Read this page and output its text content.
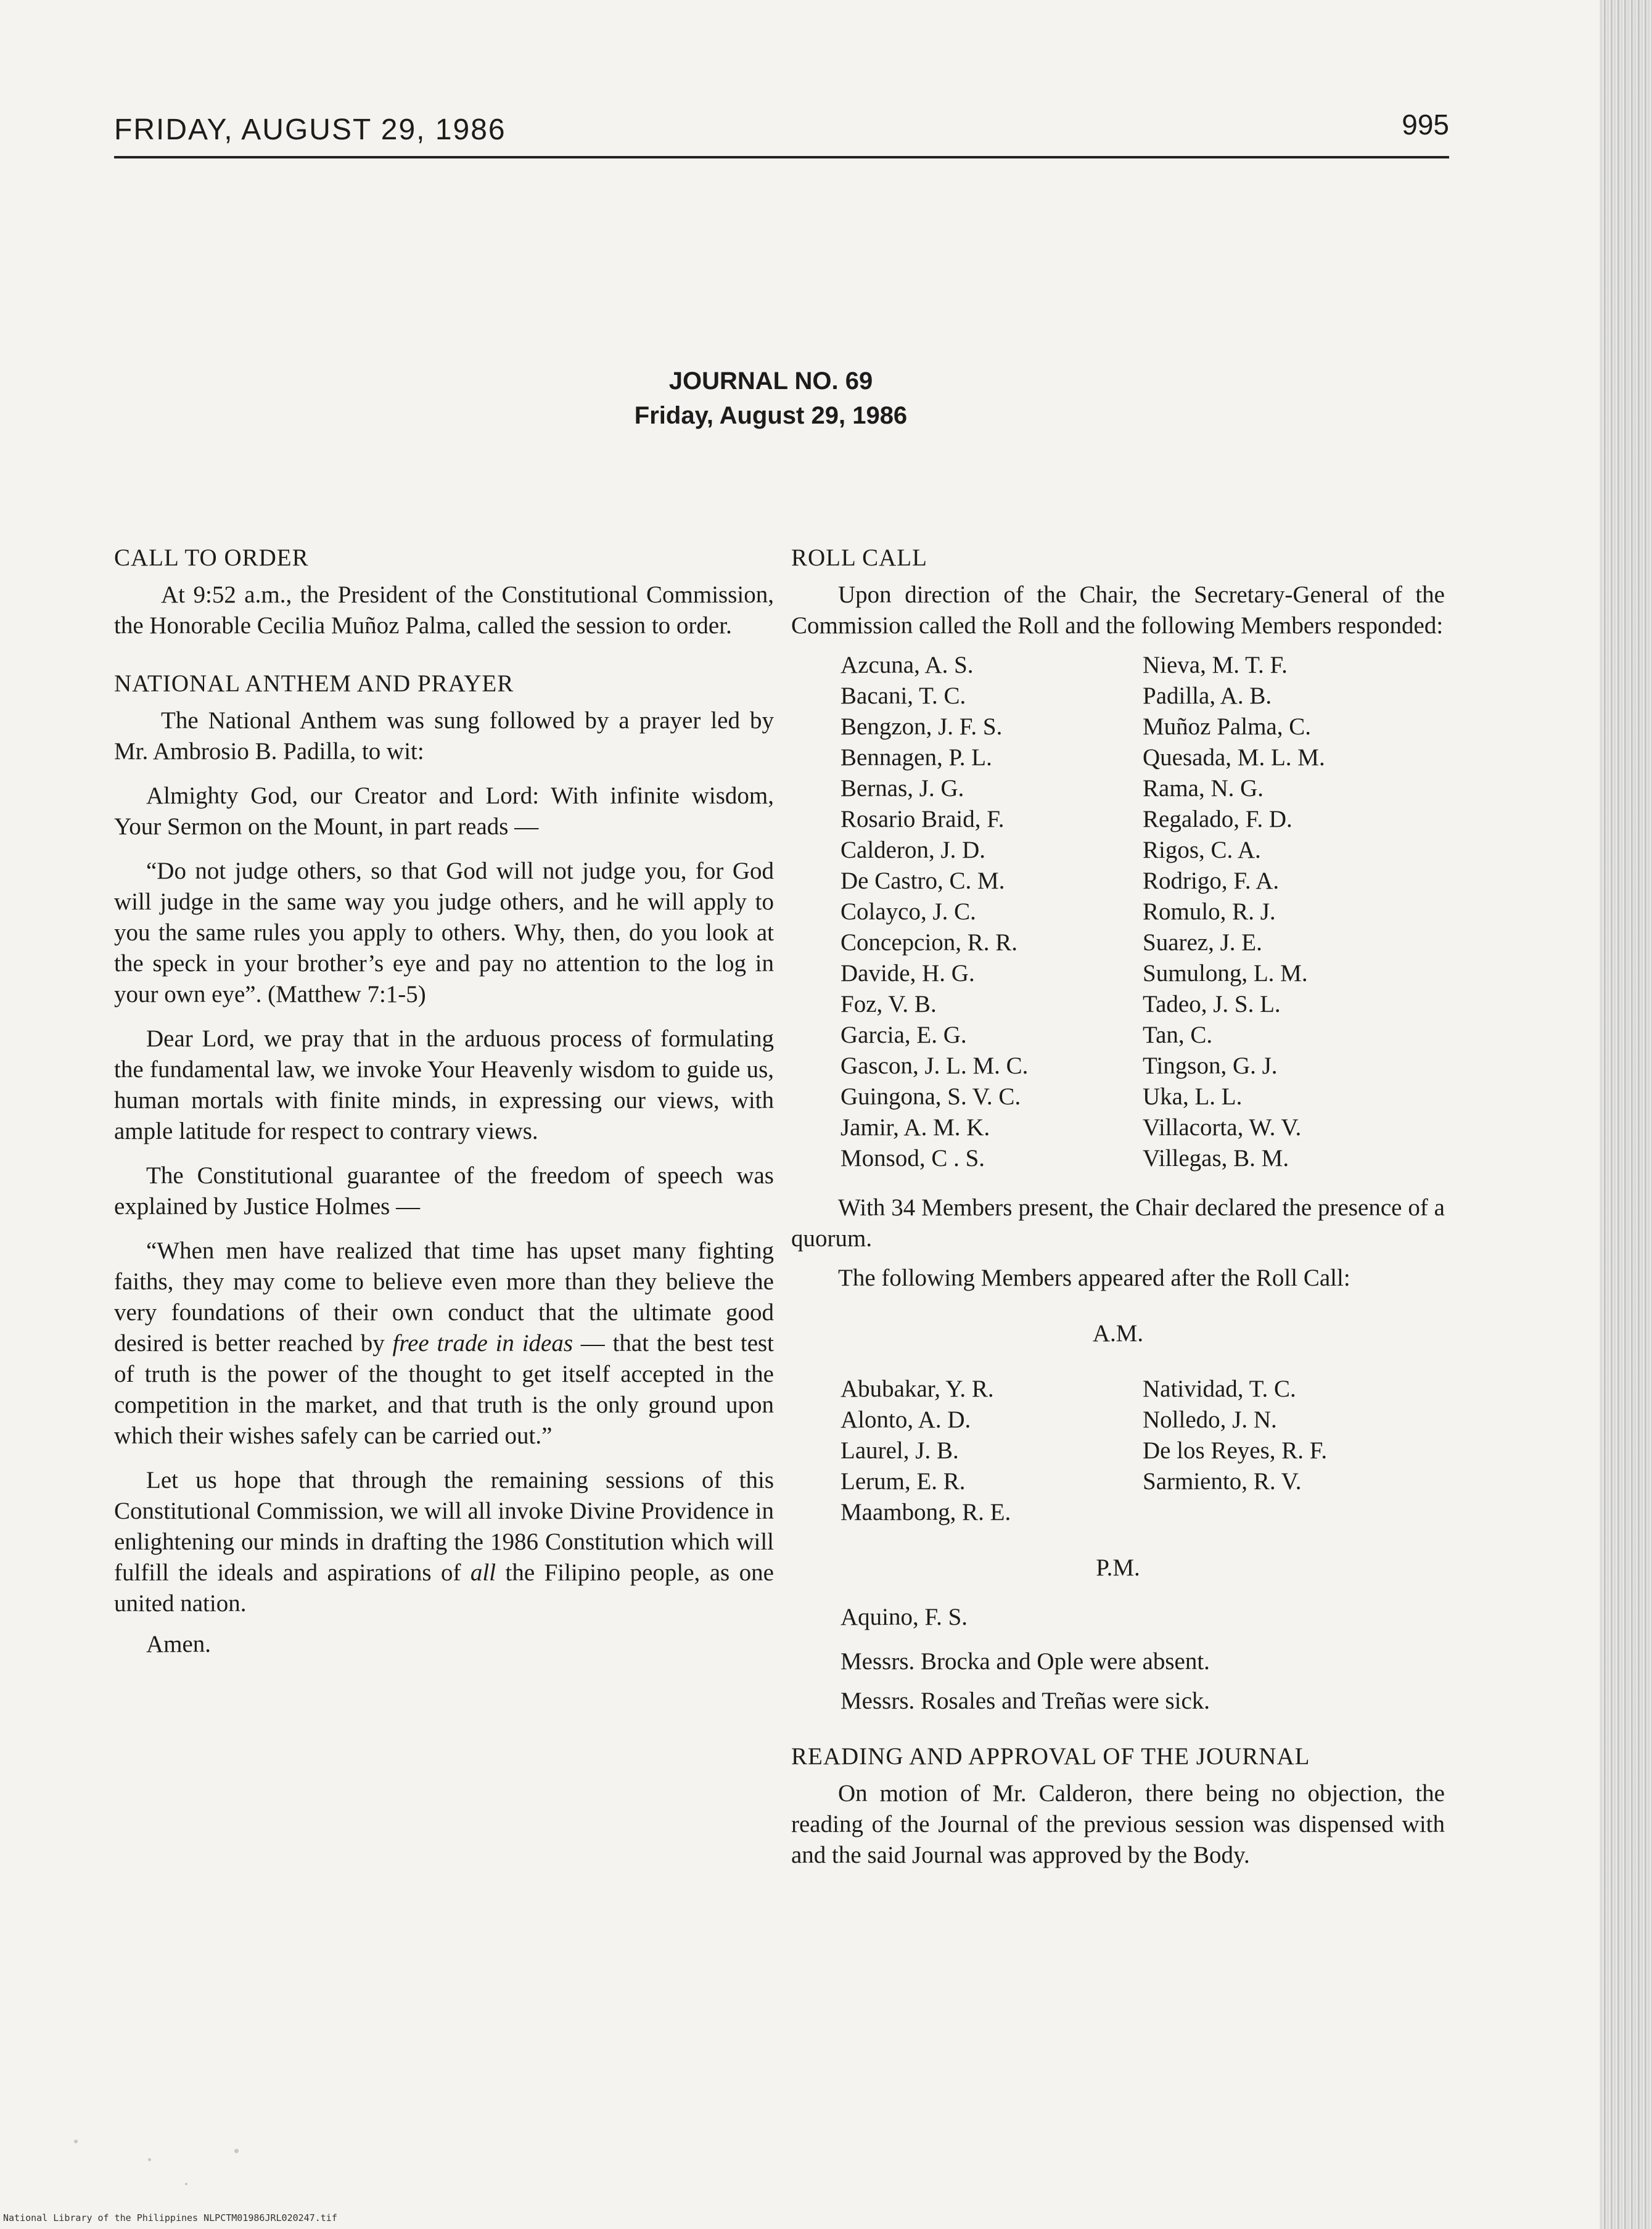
FRIDAY, AUGUST 29, 1986	995
JOURNAL NO. 69
Friday, August 29, 1986
CALL TO ORDER

At 9:52 a.m., the President of the Constitutional Commission, the Honorable Cecilia Muñoz Palma, called the session to order.

NATIONAL ANTHEM AND PRAYER

The National Anthem was sung followed by a prayer led by Mr. Ambrosio B. Padilla, to wit:

Almighty God, our Creator and Lord: With infinite wisdom, Your Sermon on the Mount, in part reads —

“Do not judge others, so that God will not judge you, for God will judge in the same way you judge others, and he will apply to you the same rules you apply to others. Why, then, do you look at the speck in your brother’s eye and pay no attention to the log in your own eye”. (Matthew 7:1-5)

Dear Lord, we pray that in the arduous process of formulating the fundamental law, we invoke Your Heavenly wisdom to guide us, human mortals with finite minds, in expressing our views, with ample latitude for respect to contrary views.

The Constitutional guarantee of the freedom of speech was explained by Justice Holmes —

“When men have realized that time has upset many fighting faiths, they may come to believe even more than they believe the very foundations of their own conduct that the ultimate good desired is better reached by free trade in ideas — that the best test of truth is the power of the thought to get itself accepted in the competition in the market, and that truth is the only ground upon which their wishes safely can be carried out.”

Let us hope that through the remaining sessions of this Constitutional Commission, we will all invoke Divine Providence in enlightening our minds in drafting the 1986 Constitution which will fulfill the ideals and aspirations of all the Filipino people, as one united nation.

Amen.

ROLL CALL

Upon direction of the Chair, the Secretary-General of the Commission called the Roll and the following Members responded:

Azcuna, A. S.
Bacani, T. C.
Bengzon, J. F. S.
Bennagen, P. L.
Bernas, J. G.
Rosario Braid, F.
Calderon, J. D.
De Castro, C. M.
Colayco, J. C.
Concepcion, R. R.
Davide, H. G.
Foz, V. B.
Garcia, E. G.
Gascon, J. L. M. C.
Guingona, S. V. C.
Jamir, A. M. K.
Monsod, C . S.
Nieva, M. T. F.
Padilla, A. B.
Muñoz Palma, C.
Quesada, M. L. M.
Rama, N. G.
Regalado, F. D.
Rigos, C. A.
Rodrigo, F. A.
Romulo, R. J.
Suarez, J. E.
Sumulong, L. M.
Tadeo, J. S. L.
Tan, C.
Tingson, G. J.
Uka, L. L.
Villacorta, W. V.
Villegas, B. M.

With 34 Members present, the Chair declared the presence of a quorum.

The following Members appeared after the Roll Call:

A.M.

Abubakar, Y. R.
Alonto, A. D.
Laurel, J. B.
Lerum, E. R.
Maambong, R. E.
Natividad, T. C.
Nolledo, J. N.
De los Reyes, R. F.
Sarmiento, R. V.

P.M.

Aquino, F. S.

Messrs. Brocka and Ople were absent.

Messrs. Rosales and Treñas were sick.

READING AND APPROVAL OF THE JOURNAL

On motion of Mr. Calderon, there being no objection, the reading of the Journal of the previous session was dispensed with and the said Journal was approved by the Body.

National Library of the Philippines NLPCTM01986JRL020247.tif
